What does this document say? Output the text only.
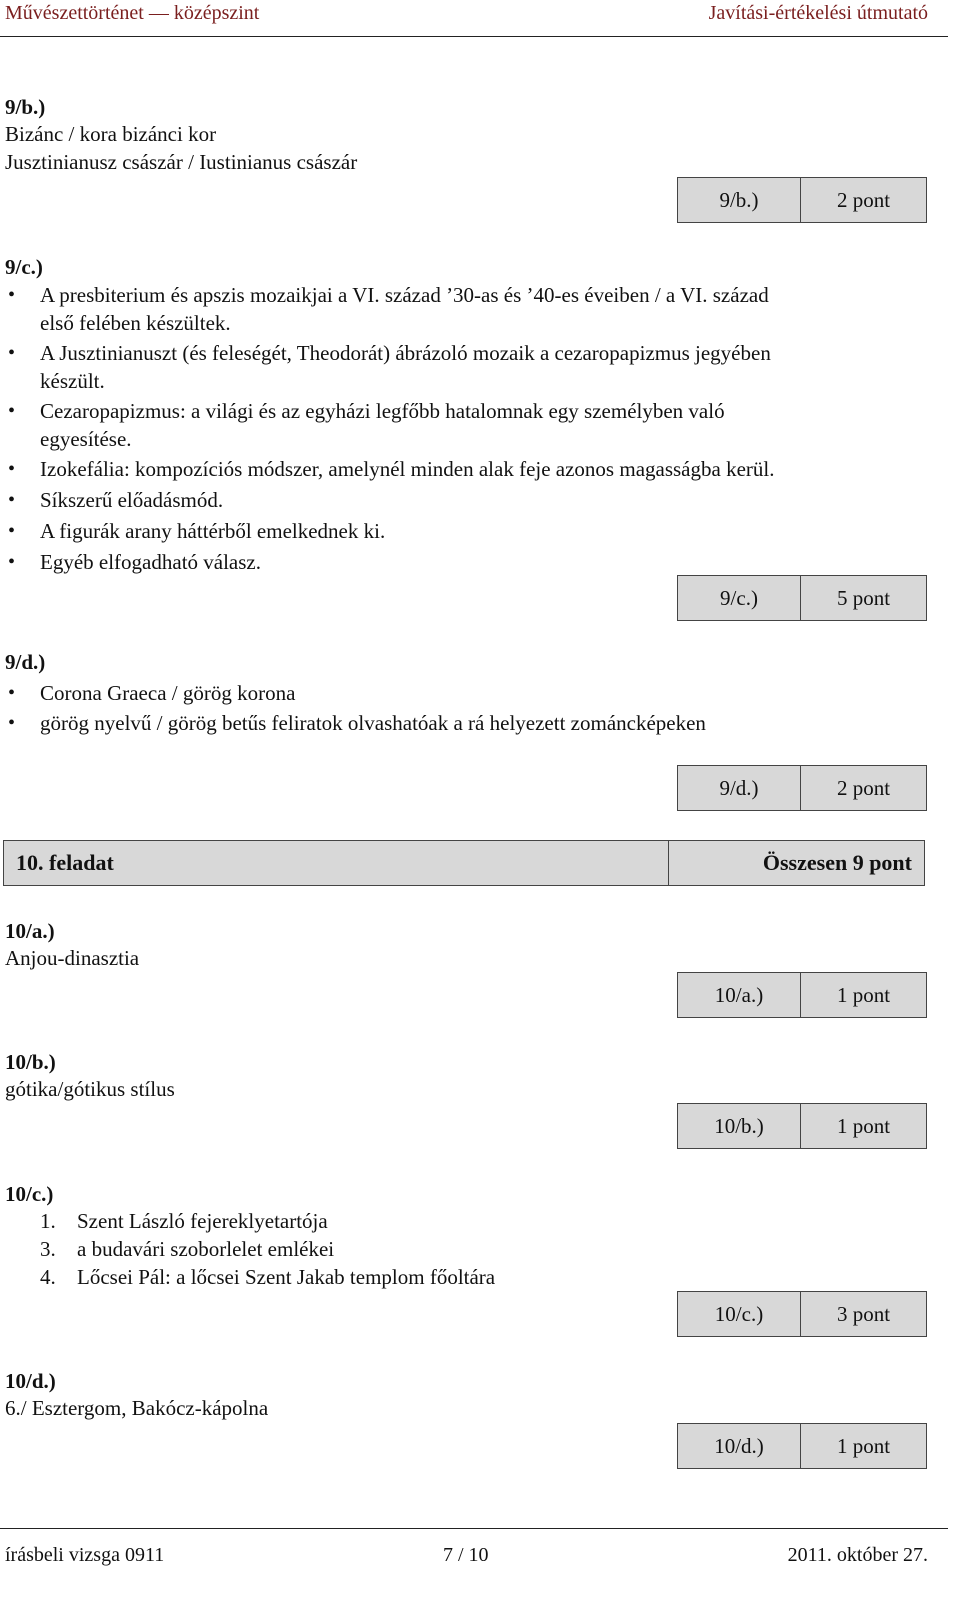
Művészettörténet — középszint	Javítási-értékelési útmutató
9/b.)
Bizánc / kora bizánci kor
Jusztinianusz császár / Iustinianus császár
9/b.)	2 pont
9/c.)
• A presbiterium és apszis mozaikjai a VI. század ’30-as és ’40-es éveiben / a VI. század
első felében készültek.
• A Jusztinianuszt (és feleségét, Theodorát) ábrázoló mozaik a cezaropapizmus jegyében
készült.
• Cezaropapizmus: a világi és az egyházi legfőbb hatalomnak egy személyben való
egyesítése.
• Izokefália: kompozíciós módszer, amelynél minden alak feje azonos magasságba kerül.
• Síkszerű előadásmód.
• A figurák arany háttérből emelkednek ki.
• Egyéb elfogadható válasz.
9/c.)	5 pont
9/d.)
• Corona Graeca / görög korona
• görög nyelvű / görög betűs feliratok olvashatóak a rá helyezett zománcképeken
9/d.)	2 pont
10. feladat	Összesen 9 pont
10/a.)
Anjou-dinasztia
10/a.)	1 pont
10/b.)
gótika/gótikus stílus
10/b.)	1 pont
10/c.)
1. Szent László fejereklyetartója
3. a budavári szoborlelet emlékei
4. Lőcsei Pál: a lőcsei Szent Jakab templom főoltára
10/c.)	3 pont
10/d.)
6./ Esztergom, Bakócz-kápolna
10/d.)	1 pont
írásbeli vizsga 0911	7 / 10	2011. október 27.
